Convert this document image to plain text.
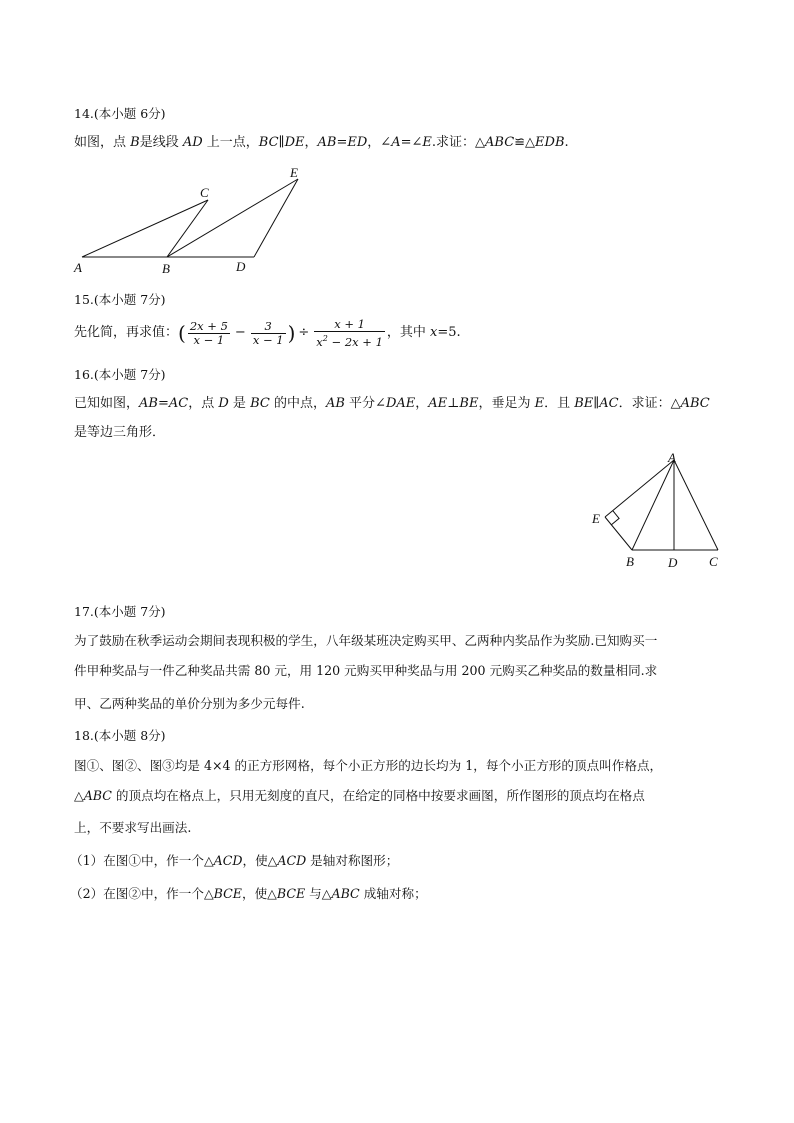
14.(本小题 6分)
如图，点 B是线段 AD 上一点，BC∥DE，AB=ED，∠A=∠E.求证：△ABC≌△EDB.
A	B
C
D
E
15.(本小题 7分)
先化简，再求值：( $\frac{2x + 5}{x - 1} - \frac{3}{x - 1}$ ) ÷ $\frac{x + 1}{x^2 - 2x + 1}$ ，其中 x=5.
16.(本小题 7分)
已知如图，AB=AC，点 D 是 BC 的中点，AB 平分∠DAE，AE⊥BE，垂足为 E．且 BE∥AC．求证：△ABC
是等边三角形．
A
E
B	D C
17.(本小题 7分)
为了鼓励在秋季运动会期间表现积极的学生，八年级某班决定购买甲、乙两种内奖品作为奖励.已知购买一
件甲种奖品与一件乙种奖品共需 80 元，用 120 元购买甲种奖品与用 200 元购买乙种奖品的数量相同.求
甲、乙两种奖品的单价分别为多少元每件.
18.(本小题 8分)
图①、图②、图③均是 4×4 的正方形网格，每个小正方形的边长均为 1，每个小正方形的顶点叫作格点，
△ABC 的顶点均在格点上，只用无刻度的直尺，在给定的同格中按要求画图，所作图形的顶点均在格点
上，不要求写出画法.
（1）在图①中，作一个△ACD，使△ACD 是轴对称图形；
（2）在图②中，作一个△BCE，使△BCE 与△ABC 成轴对称；
